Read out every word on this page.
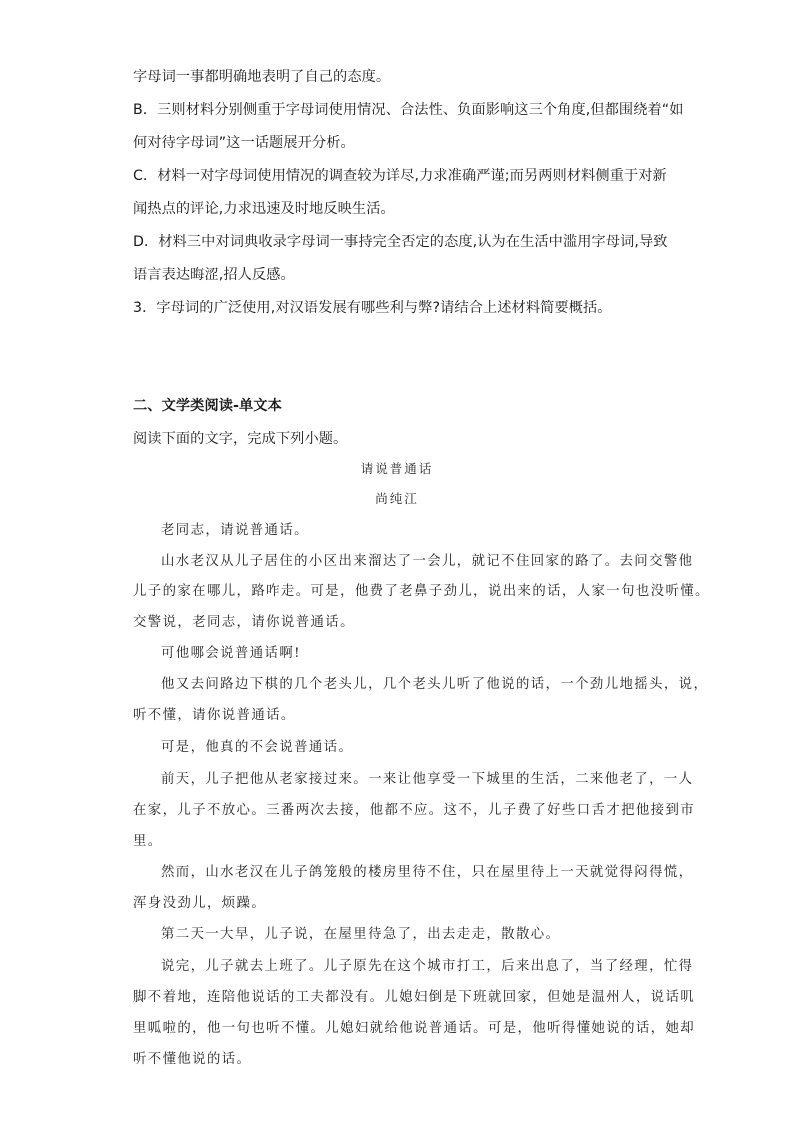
字母词一事都明确地表明了自己的态度。
B．三则材料分别侧重于字母词使用情况、合法性、负面影响这三个角度,但都围绕着“如
何对待字母词”这一话题展开分析。
C．材料一对字母词使用情况的调查较为详尽,力求准确严谨;而另两则材料侧重于对新
闻热点的评论,力求迅速及时地反映生活。
D．材料三中对词典收录字母词一事持完全否定的态度,认为在生活中滥用字母词,导致
语言表达晦涩,招人反感。
3．字母词的广泛使用,对汉语发展有哪些利与弊?请结合上述材料简要概括。
二、文学类阅读-单文本
阅读下面的文字，完成下列小题。
请说普通话
尚纯江
老同志，请说普通话。
山水老汉从儿子居住的小区出来溜达了一会儿，就记不住回家的路了。去问交警他
儿子的家在哪儿，路咋走。可是，他费了老鼻子劲儿，说出来的话，人家一句也没听懂。
交警说，老同志，请你说普通话。
可他哪会说普通话啊!
他又去问路边下棋的几个老头儿，几个老头儿听了他说的话，一个劲儿地摇头，说，
听不懂，请你说普通话。
可是，他真的不会说普通话。
前天，儿子把他从老家接过来。一来让他享受一下城里的生活，二来他老了，一人
在家，儿子不放心。三番两次去接，他都不应。这不，儿子费了好些口舌才把他接到市
里。
然而，山水老汉在儿子鸽笼般的楼房里待不住，只在屋里待上一天就觉得闷得慌，
浑身没劲儿，烦躁。
第二天一大早，儿子说，在屋里待急了，出去走走，散散心。
说完，儿子就去上班了。儿子原先在这个城市打工，后来出息了，当了经理，忙得
脚不着地，连陪他说话的工夫都没有。儿媳妇倒是下班就回家，但她是温州人，说话叽
里呱啦的，他一句也听不懂。儿媳妇就给他说普通话。可是，他听得懂她说的话，她却
听不懂他说的话。
